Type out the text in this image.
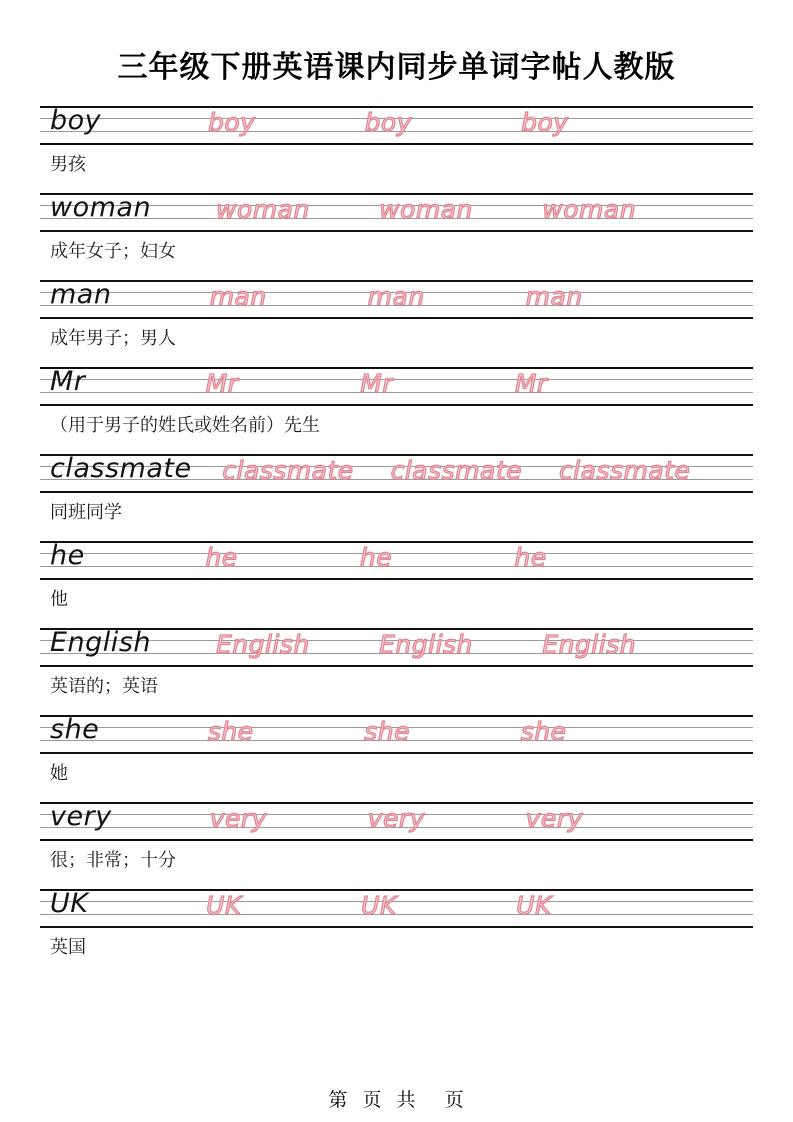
三年级下册英语课内同步单词字帖人教版
boy	boy	boy	boy
男孩
woman	woman	woman	woman
成年女子；妇女
man	man	man	man
成年男子；男人
Mr	Mr	Mr	Mr
（用于男子的姓氏或姓名前）先生
classmate classmate classmate classmate
同班同学
he	he	he	he
他
English	English	English	English
英语的；英语
she	she	she	she
她
very	very	very	very
很；非常；十分
UK	UK	UK	UK
英国
第 页 共  页
